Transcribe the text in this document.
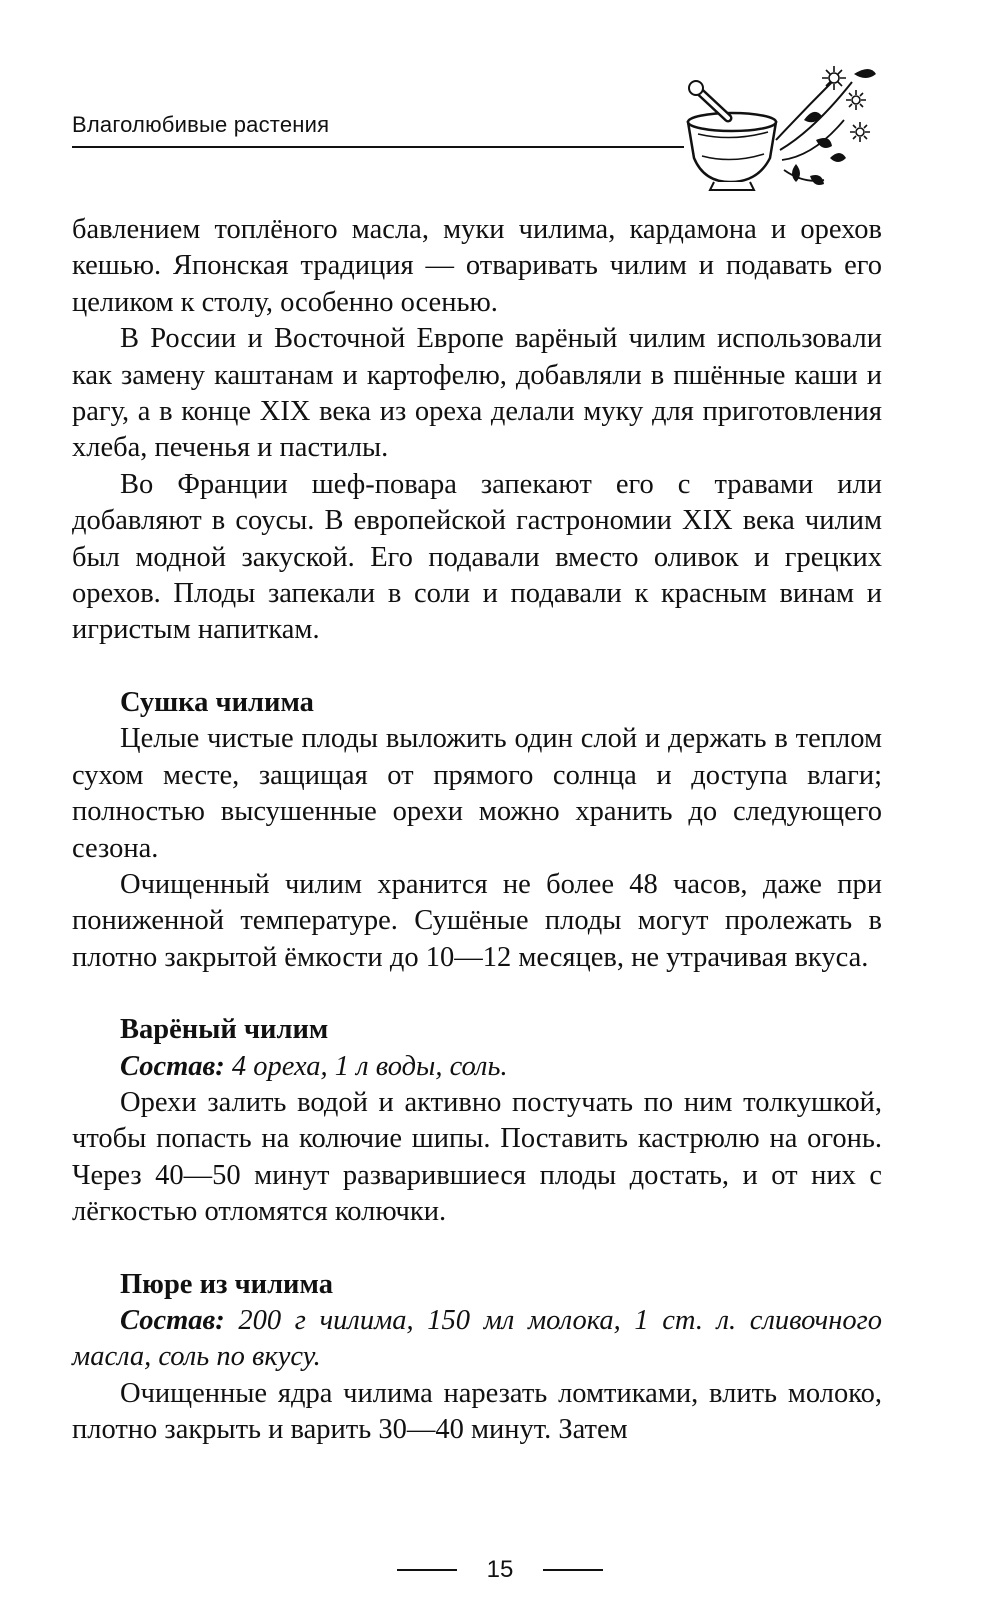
Влаголюбивые растения

бавлением топлёного масла, муки чилима, кардамона и орехов кешью. Японская традиция — отваривать чилим и подавать его целиком к столу, особенно осенью.

В России и Восточной Европе варёный чилим использовали как замену каштанам и картофелю, добавляли в пшённые каши и рагу, а в конце XIX века из ореха делали муку для приготовления хлеба, печенья и пастилы.

Во Франции шеф-повара запекают его с травами или добавляют в соусы. В европейской гастрономии XIX века чилим был модной закуской. Его подавали вместо оливок и грецких орехов. Плоды запекали в соли и подавали к красным винам и игристым напиткам.

Сушка чилима

Целые чистые плоды выложить один слой и держать в теплом сухом месте, защищая от прямого солнца и доступа влаги; полностью высушенные орехи можно хранить до следующего сезона.

Очищенный чилим хранится не более 48 часов, даже при пониженной температуре. Сушёные плоды могут пролежать в плотно закрытой ёмкости до 10—12 месяцев, не утрачивая вкуса.

Варёный чилим

Состав: 4 ореха, 1 л воды, соль.

Орехи залить водой и активно постучать по ним толкушкой, чтобы попасть на колючие шипы. Поставить кастрюлю на огонь. Через 40—50 минут разварившиеся плоды достать, и от них с лёгкостью отломятся колючки.

Пюре из чилима

Состав: 200 г чилима, 150 мл молока, 1 ст. л. сливочного масла, соль по вкусу.

Очищенные ядра чилима нарезать ломтиками, влить молоко, плотно закрыть и варить 30—40 минут. Затем

15
